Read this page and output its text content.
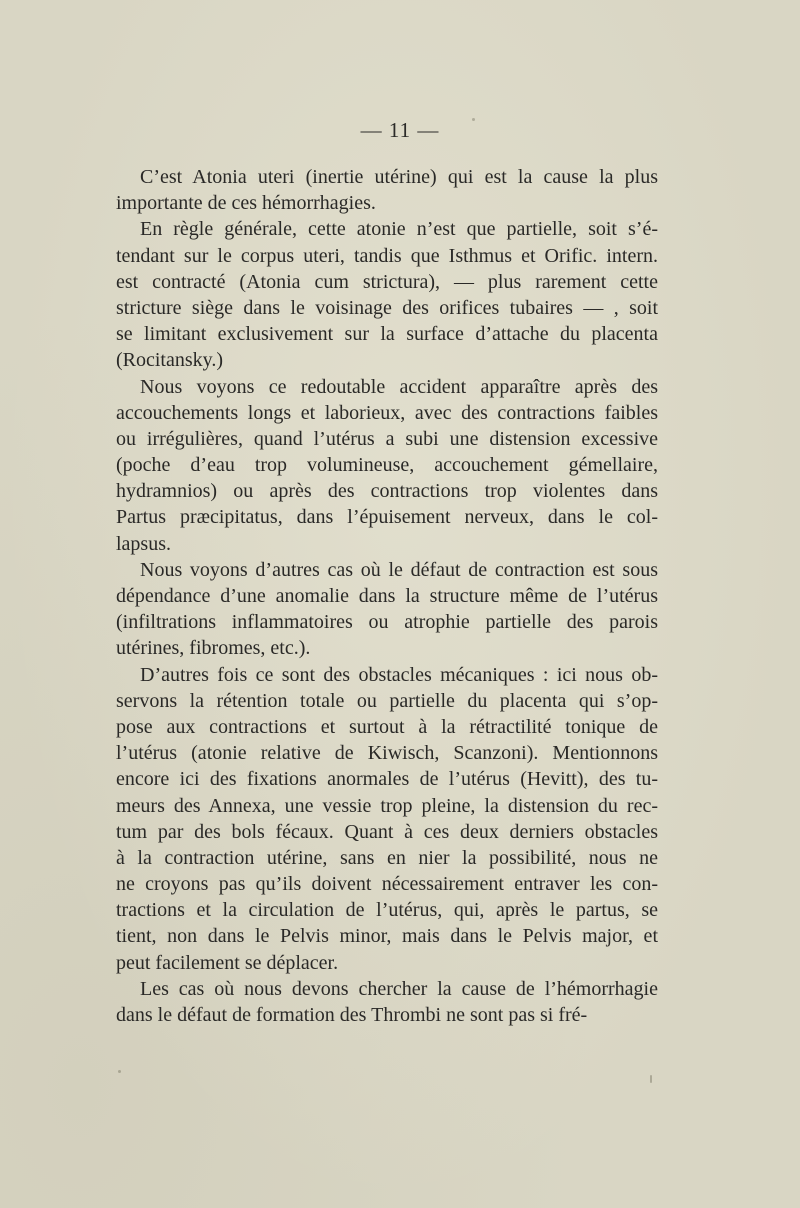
— 11 —
C’est Atonia uteri (inertie utérine) qui est la cause la plus
importante de ces hémorrhagies.
En règle générale, cette atonie n’est que partielle, soit s’é-
tendant sur le corpus uteri, tandis que Isthmus et Orific. intern.
est contracté (Atonia cum strictura), — plus rarement cette
stricture siège dans le voisinage des orifices tubaires — , soit
se limitant exclusivement sur la surface d’attache du placenta
(Rocitansky.)
Nous voyons ce redoutable accident apparaître après des
accouchements longs et laborieux, avec des contractions faibles
ou irrégulières, quand l’utérus a subi une distension excessive
(poche d’eau trop volumineuse, accouchement gémellaire,
hydramnios) ou après des contractions trop violentes dans
Partus præcipitatus, dans l’épuisement nerveux, dans le col-
lapsus.
Nous voyons d’autres cas où le défaut de contraction est sous
dépendance d’une anomalie dans la structure même de l’utérus
(infiltrations inflammatoires ou atrophie partielle des parois
utérines, fibromes, etc.).
D’autres fois ce sont des obstacles mécaniques : ici nous ob-
servons la rétention totale ou partielle du placenta qui s’op-
pose aux contractions et surtout à la rétractilité tonique de
l’utérus (atonie relative de Kiwisch, Scanzoni). Mentionnons
encore ici des fixations anormales de l’utérus (Hevitt), des tu-
meurs des Annexa, une vessie trop pleine, la distension du rec-
tum par des bols fécaux. Quant à ces deux derniers obstacles
à la contraction utérine, sans en nier la possibilité, nous ne
ne croyons pas qu’ils doivent nécessairement entraver les con-
tractions et la circulation de l’utérus, qui, après le partus, se
tient, non dans le Pelvis minor, mais dans le Pelvis major, et
peut facilement se déplacer.
Les cas où nous devons chercher la cause de l’hémorrhagie
dans le défaut de formation des Thrombi ne sont pas si fré-
